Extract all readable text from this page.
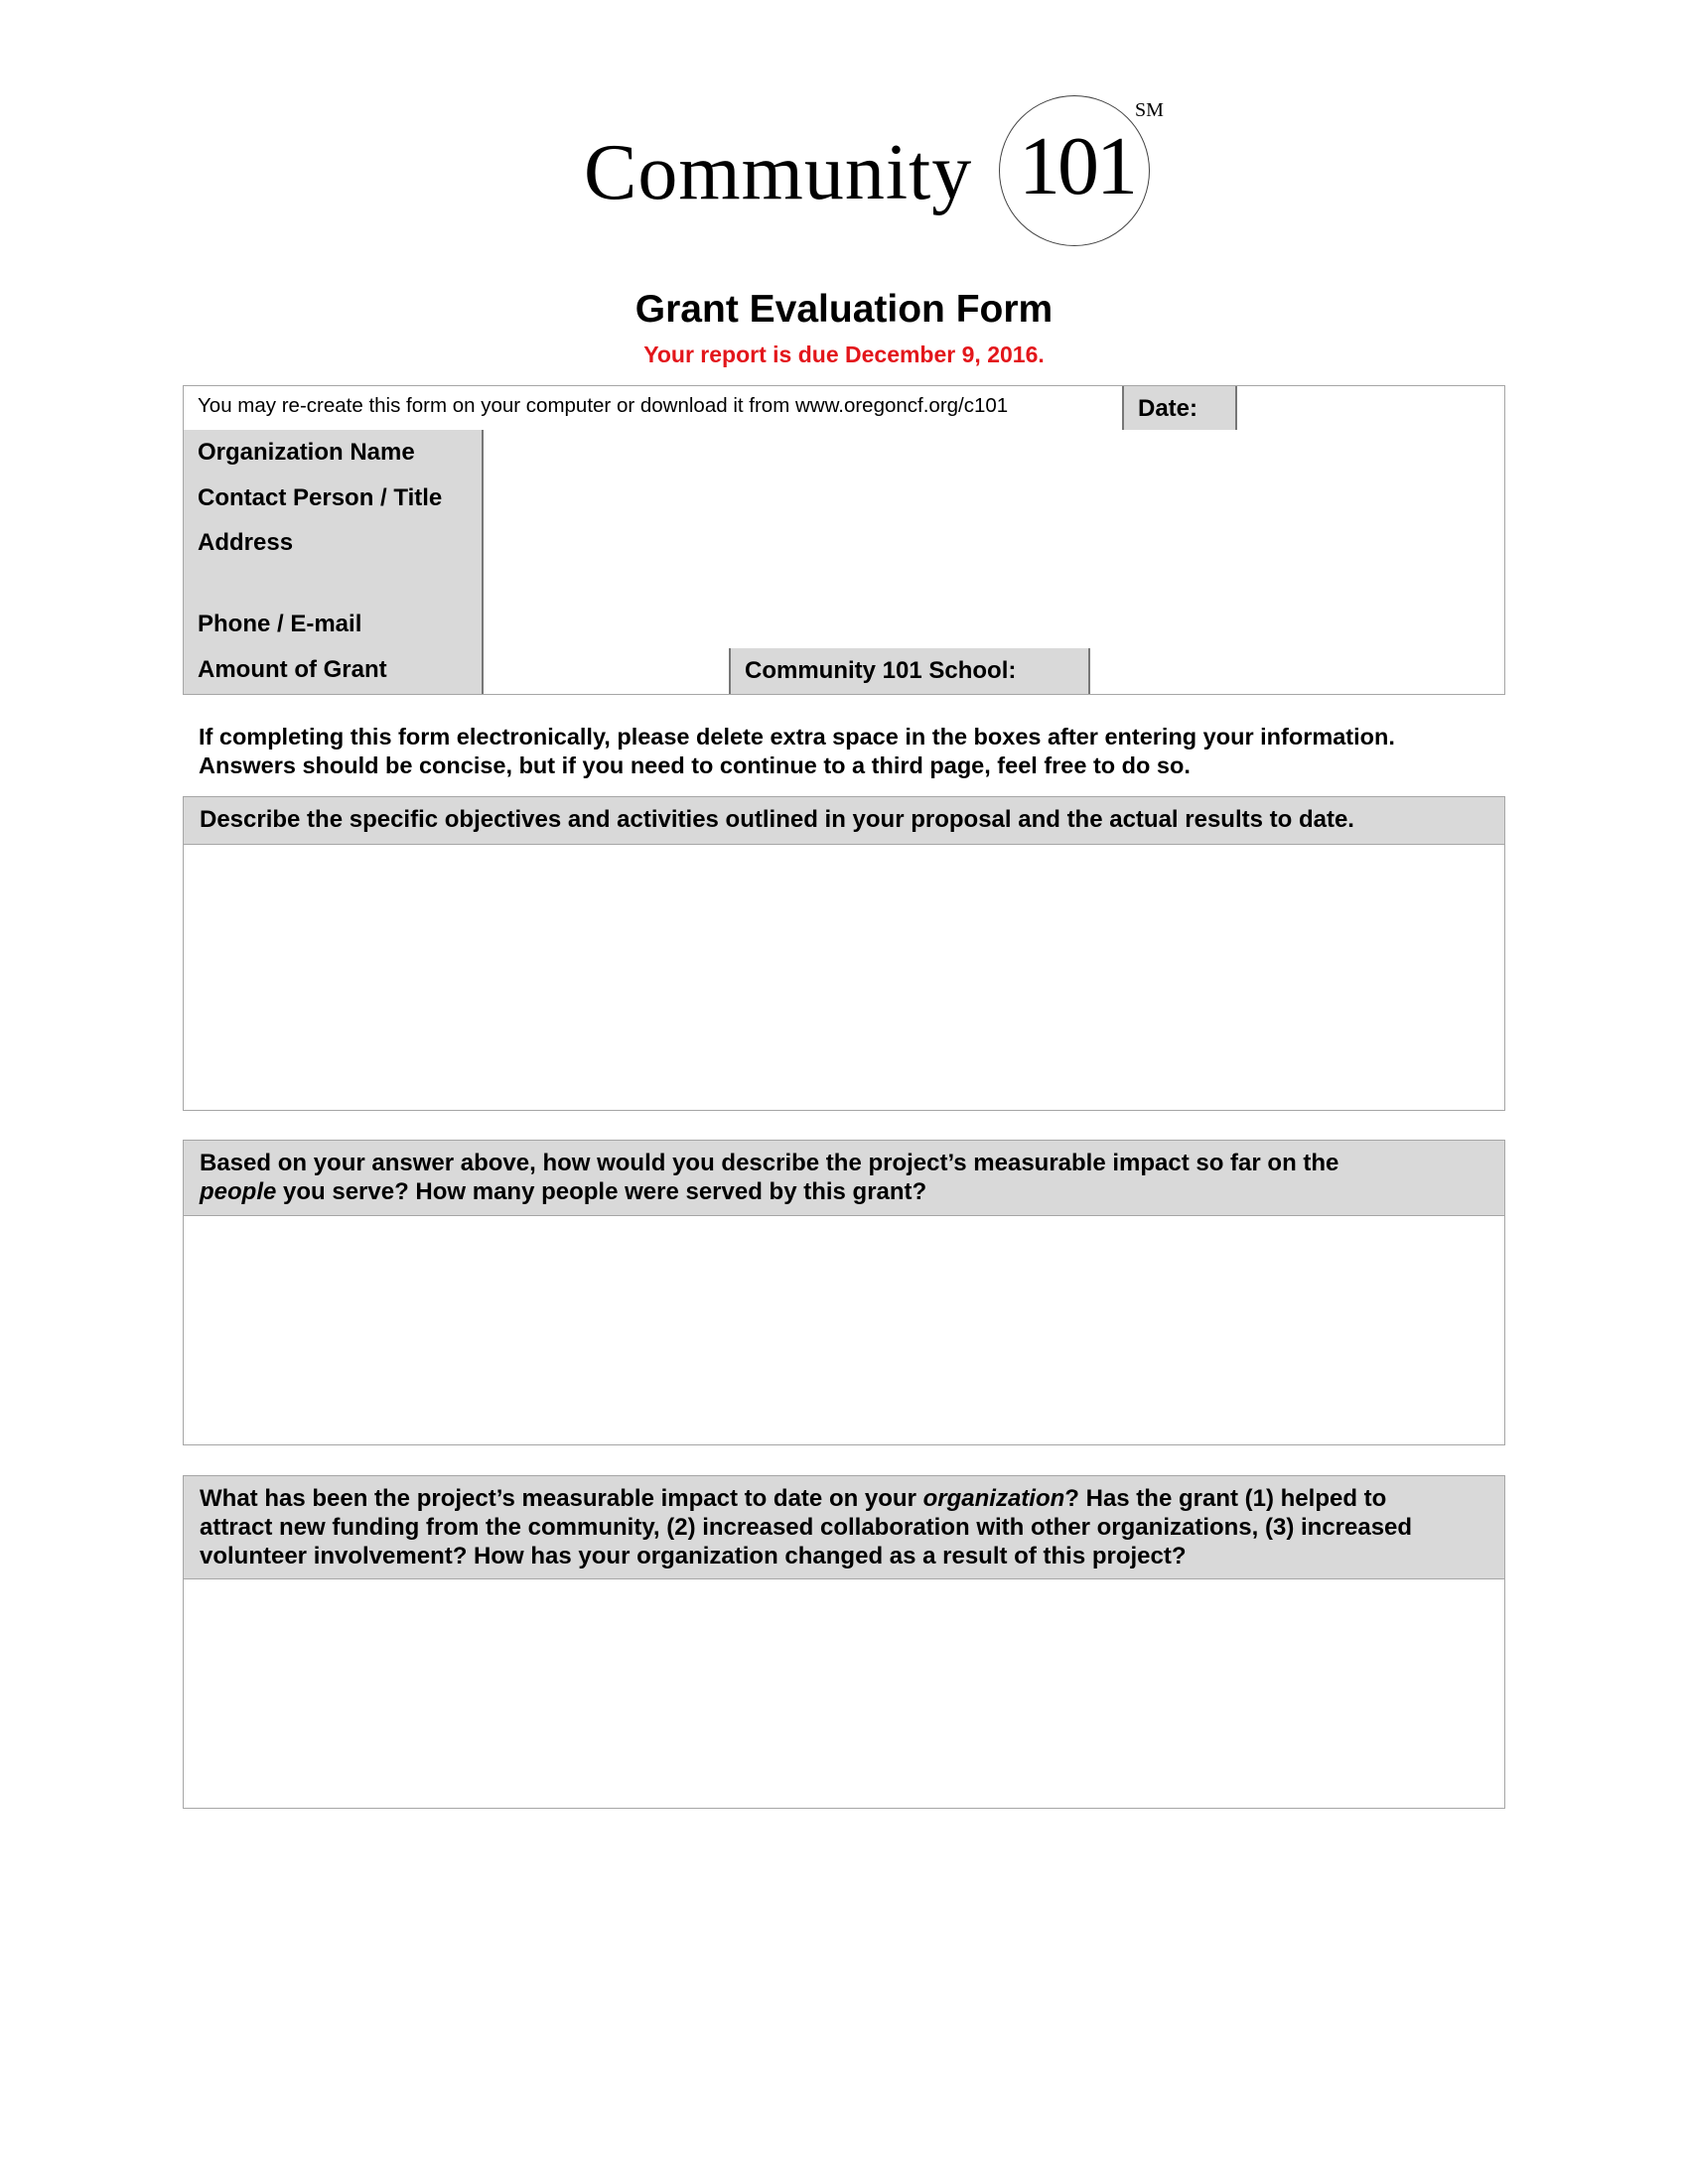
Community 101
SM
Grant Evaluation Form
Your report is due December 9, 2016.
You may re-create this form on your computer or download it from www.oregoncf.org/c101	Date:
Organization Name
Contact Person / Title
Address
Phone / E-mail
Amount of Grant	Community 101 School:
If completing this form electronically, please delete extra space in the boxes after entering your information.
Answers should be concise, but if you need to continue to a third page, feel free to do so.
Describe the specific objectives and activities outlined in your proposal and the actual results to date.
Based on your answer above, how would you describe the project’s measurable impact so far on the
people you serve? How many people were served by this grant?
What has been the project’s measurable impact to date on your organization? Has the grant (1) helped to
attract new funding from the community, (2) increased collaboration with other organizations, (3) increased
volunteer involvement? How has your organization changed as a result of this project?
